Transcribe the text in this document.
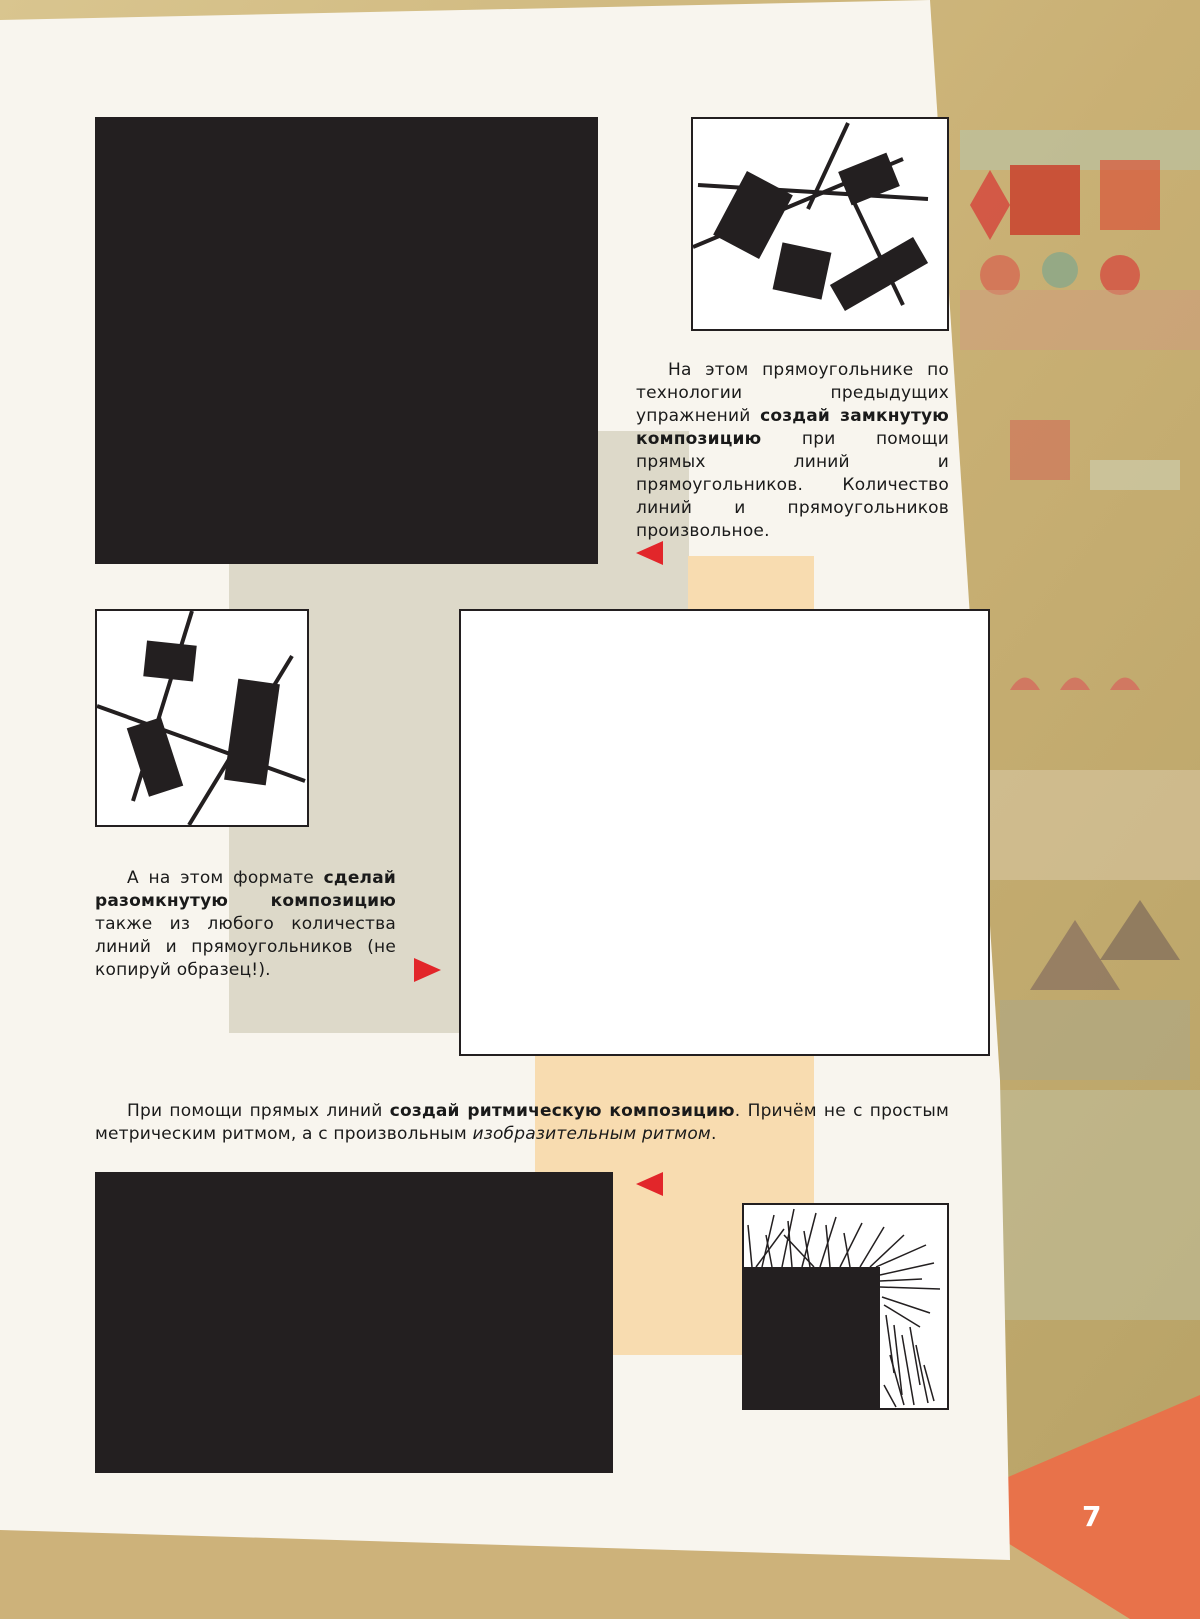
На этом прямоугольнике по технологии предыдущих упражнений создай замкнутую композицию при помощи прямых линий и прямоугольников. Количество линий и прямоугольников произвольное.
А на этом формате сделай разомкнутую композицию также из любого количества линий и прямоугольников (не копируй образец!).
При помощи прямых линий создай ритмическую композицию. Причём не с простым метрическим ритмом, а с произвольным изобразительным ритмом.
7
